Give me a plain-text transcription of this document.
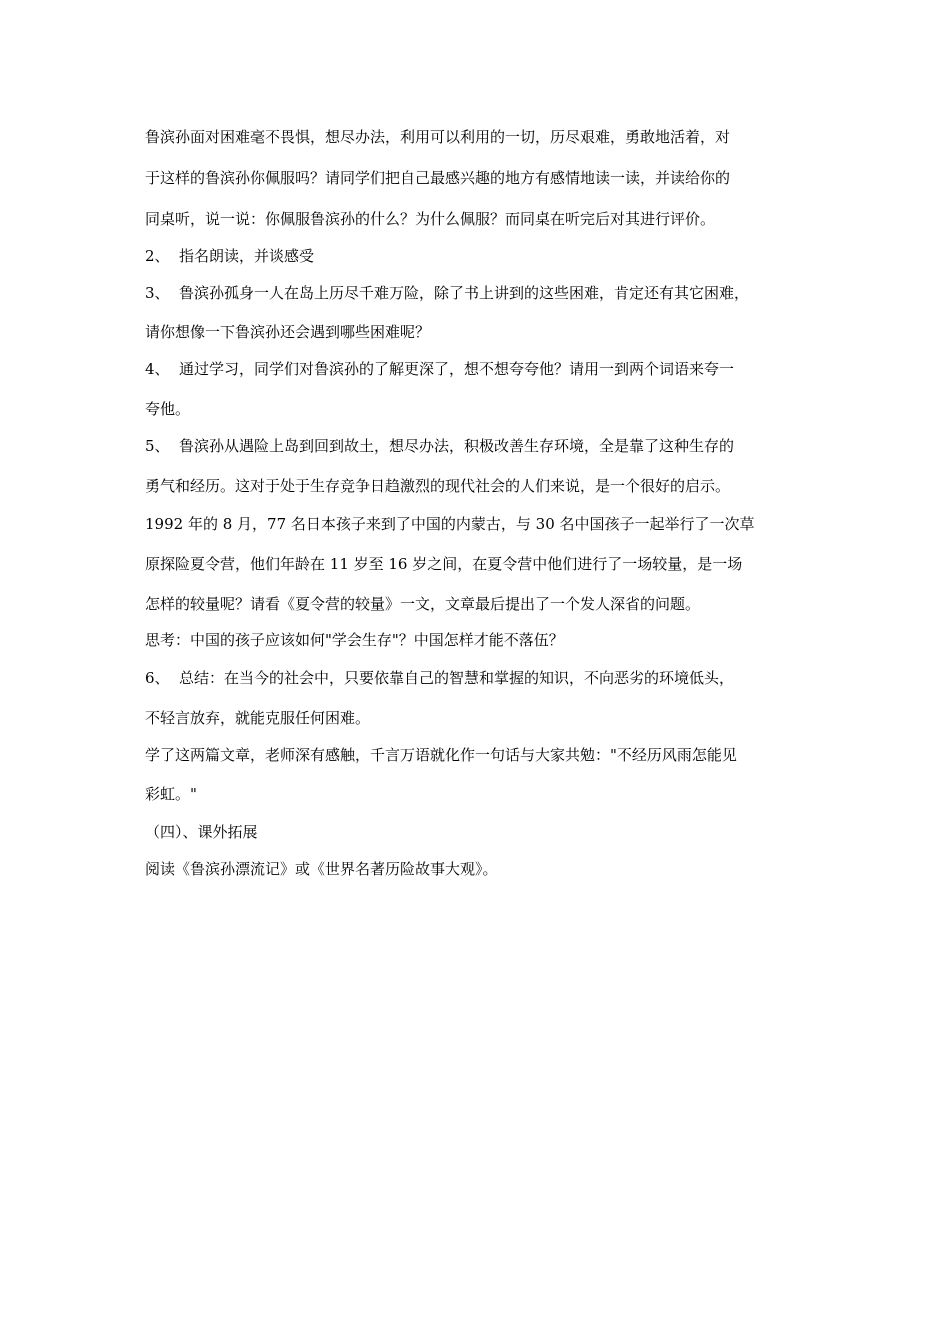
鲁滨孙面对困难毫不畏惧，想尽办法，利用可以利用的一切，历尽艰难，勇敢地活着，对
于这样的鲁滨孙你佩服吗？请同学们把自己最感兴趣的地方有感情地读一读，并读给你的
同桌听，说一说：你佩服鲁滨孙的什么？为什么佩服？而同桌在听完后对其进行评价。
2、 指名朗读，并谈感受
3、 鲁滨孙孤身一人在岛上历尽千难万险，除了书上讲到的这些困难，肯定还有其它困难，
请你想像一下鲁滨孙还会遇到哪些困难呢？
4、 通过学习，同学们对鲁滨孙的了解更深了，想不想夸夸他？请用一到两个词语来夸一
夸他。
5、 鲁滨孙从遇险上岛到回到故土，想尽办法，积极改善生存环境，全是靠了这种生存的
勇气和经历。这对于处于生存竞争日趋激烈的现代社会的人们来说，是一个很好的启示。
1992 年的 8 月，77 名日本孩子来到了中国的内蒙古，与 30 名中国孩子一起举行了一次草
原探险夏令营，他们年龄在 11 岁至 16 岁之间，在夏令营中他们进行了一场较量，是一场
怎样的较量呢？请看《夏令营的较量》一文，文章最后提出了一个发人深省的问题。
思考：中国的孩子应该如何"学会生存"？中国怎样才能不落伍？
6、 总结：在当今的社会中，只要依靠自己的智慧和掌握的知识，不向恶劣的环境低头，
不轻言放弃，就能克服任何困难。
学了这两篇文章，老师深有感触，千言万语就化作一句话与大家共勉："不经历风雨怎能见
彩虹。"
（四）、课外拓展
阅读《鲁滨孙漂流记》或《世界名著历险故事大观》。
